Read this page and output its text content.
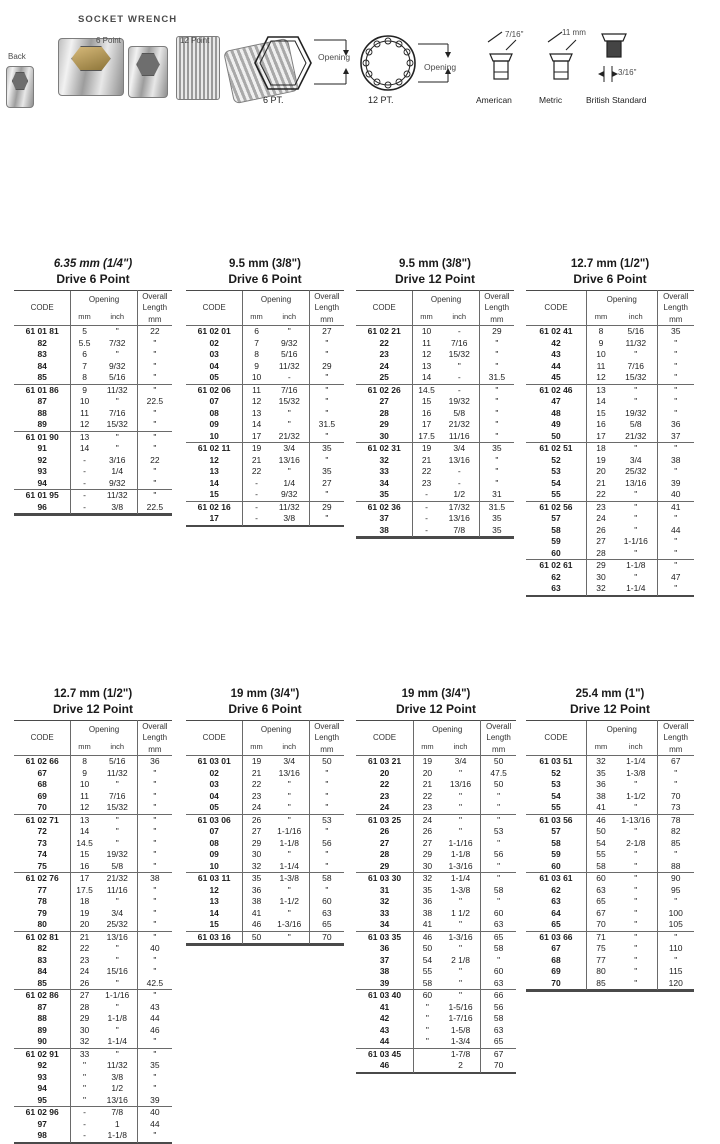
SOCKET WRENCH
Back
6 Point	12 Point
6 PT.
Opening
12 PT.
Opening
7/16"
American
11 mm
Metric
3/16"
British Standard
6.35 mm (1/4")
Drive 6 Point
CODE	Opening		Overall
Length
mm
	mm	inch	
61 01 81	5	"	22
82	5.5	7/32	"
83	6	"	"
84	7	9/32	"
85	8	5/16	"
61 01 86	9	11/32	"
87	10	"	22.5
88	11	7/16	"
89	12	15/32	"
61 01 90	13	"	"
91	14	"	"
92	-	3/16	22
93	-	1/4	"
94	-	9/32	"
61 01 95	-	11/32	"
96	-	3/8	22.5
9.5 mm (3/8")
Drive 6 Point
CODE	Opening		Overall
Length
mm
	mm	inch	
61 02 01	6	"	27
02	7	9/32	"
03	8	5/16	"
04	9	11/32	29
05	10	-	"
61 02 06	11	7/16	"
07	12	15/32	"
08	13	"	"
09	14	"	31.5
10	17	21/32	"
61 02 11	19	3/4	35
12	21	13/16	"
13	22	"	35
14	-	1/4	27
15	-	9/32	"
61 02 16	-	11/32	29
17	-	3/8	"
9.5 mm (3/8")
Drive 12 Point
CODE	Opening		Overall
Length
mm
	mm	inch	
61 02 21	10	-	29
22	11	7/16	"
23	12	15/32	"
24	13	"	"
25	14	-	31.5
61 02 26	14.5	-	"
27	15	19/32	"
28	16	5/8	"
29	17	21/32	"
30	17.5	11/16	"
61 02 31	19	3/4	35
32	21	13/16	"
33	22	-	"
34	23	-	"
35	-	1/2	31
61 02 36	-	17/32	31.5
37	-	13/16	35
38	-	7/8	35
12.7 mm (1/2")
Drive 6 Point
CODE	Opening		Overall
Length
mm
	mm	inch	
61 02 41	8	5/16	35
42	9	11/32	"
43	10	"	"
44	11	7/16	"
45	12	15/32	"
61 02 46	13	"	"
47	14	"	"
48	15	19/32	"
49	16	5/8	36
50	17	21/32	37
61 02 51	18	"	"
52	19	3/4	38
53	20	25/32	"
54	21	13/16	39
55	22	"	40
61 02 56	23	"	41
57	24	"	"
58	26	"	44
59	27	1-1/16	"
60	28	"	"
61 02 61	29	1-1/8	"
62	30	"	47
63	32	1-1/4	"
12.7 mm (1/2")
Drive 12 Point
CODE	Opening		Overall
Length
mm
	mm	inch	
61 02 66	8	5/16	36
67	9	11/32	"
68	10	"	"
69	11	7/16	"
70	12	15/32	"
61 02 71	13	"	"
72	14	"	"
73	14.5	"	"
74	15	19/32	"
75	16	5/8	"
61 02 76	17	21/32	38
77	17.5	11/16	"
78	18	"	"
79	19	3/4	"
80	20	25/32	"
61 02 81	21	13/16	"
82	22	"	40
83	23	"	"
84	24	15/16	"
85	26	"	42.5
61 02 86	27	1-1/16	"
87	28	"	43
88	29	1-1/8	44
89	30	"	46
90	32	1-1/4	"
61 02 91	33	"	"
92	"	11/32	35
93	"	3/8	"
94	"	1/2	"
95	"	13/16	39
61 02 96	-	7/8	40
97	-	1	44
98	-	1-1/8	"
19 mm (3/4")
Drive 6 Point
CODE	Opening		Overall
Length
mm
	mm	inch	
61 03 01	19	3/4	50
02	21	13/16	"
03	22	"	"
04	23	"	"
05	24	"	"
61 03 06	26	"	53
07	27	1-1/16	"
08	29	1-1/8	56
09	30	"	"
10	32	1-1/4	"
61 03 11	35	1-3/8	58
12	36	"	"
13	38	1-1/2	60
14	41	"	63
15	46	1-3/16	65
61 03 16	50	"	70
19 mm (3/4")
Drive 12 Point
CODE	Opening		Overall
Length
mm
	mm	inch	
61 03 21	19	3/4	50
20	20	"	47.5
22	21	13/16	50
23	22	"	"
24	23	"	"
61 03 25	24	"	"
26	26	"	53
27	27	1-1/16	"
28	29	1-1/8	56
29	30	1-3/16	"
61 03 30	32	1-1/4	"
31	35	1-3/8	58
32	36	"	"
33	38	1 1/2	60
34	41	"	63
61 03 35	46	1-3/16	65
36	50	"	58
37	54	2 1/8	"
38	55	"	60
39	58	"	63
61 03 40	60	"	66
41	"	1-5/16	56
42	"	1-7/16	58
43	"	1-5/8	63
44	"	1-3/4	65
61 03 45		1-7/8	67
46		2	70
25.4 mm (1")
Drive 12 Point
CODE	Opening		Overall
Length
mm
	mm	inch	
61 03 51	32	1-1/4	67
52	35	1-3/8	"
53	36	"	"
54	38	1-1/2	70
55	41	"	73
61 03 56	46	1-13/16	78
57	50	"	82
58	54	2-1/8	85
59	55	"	"
60	58	"	88
61 03 61	60	"	90
62	63	"	95
63	65	"	"
64	67	"	100
65	70	"	105
61 03 66	71	"	"
67	75	"	110
68	77	"	"
69	80	"	115
70	85	"	120
